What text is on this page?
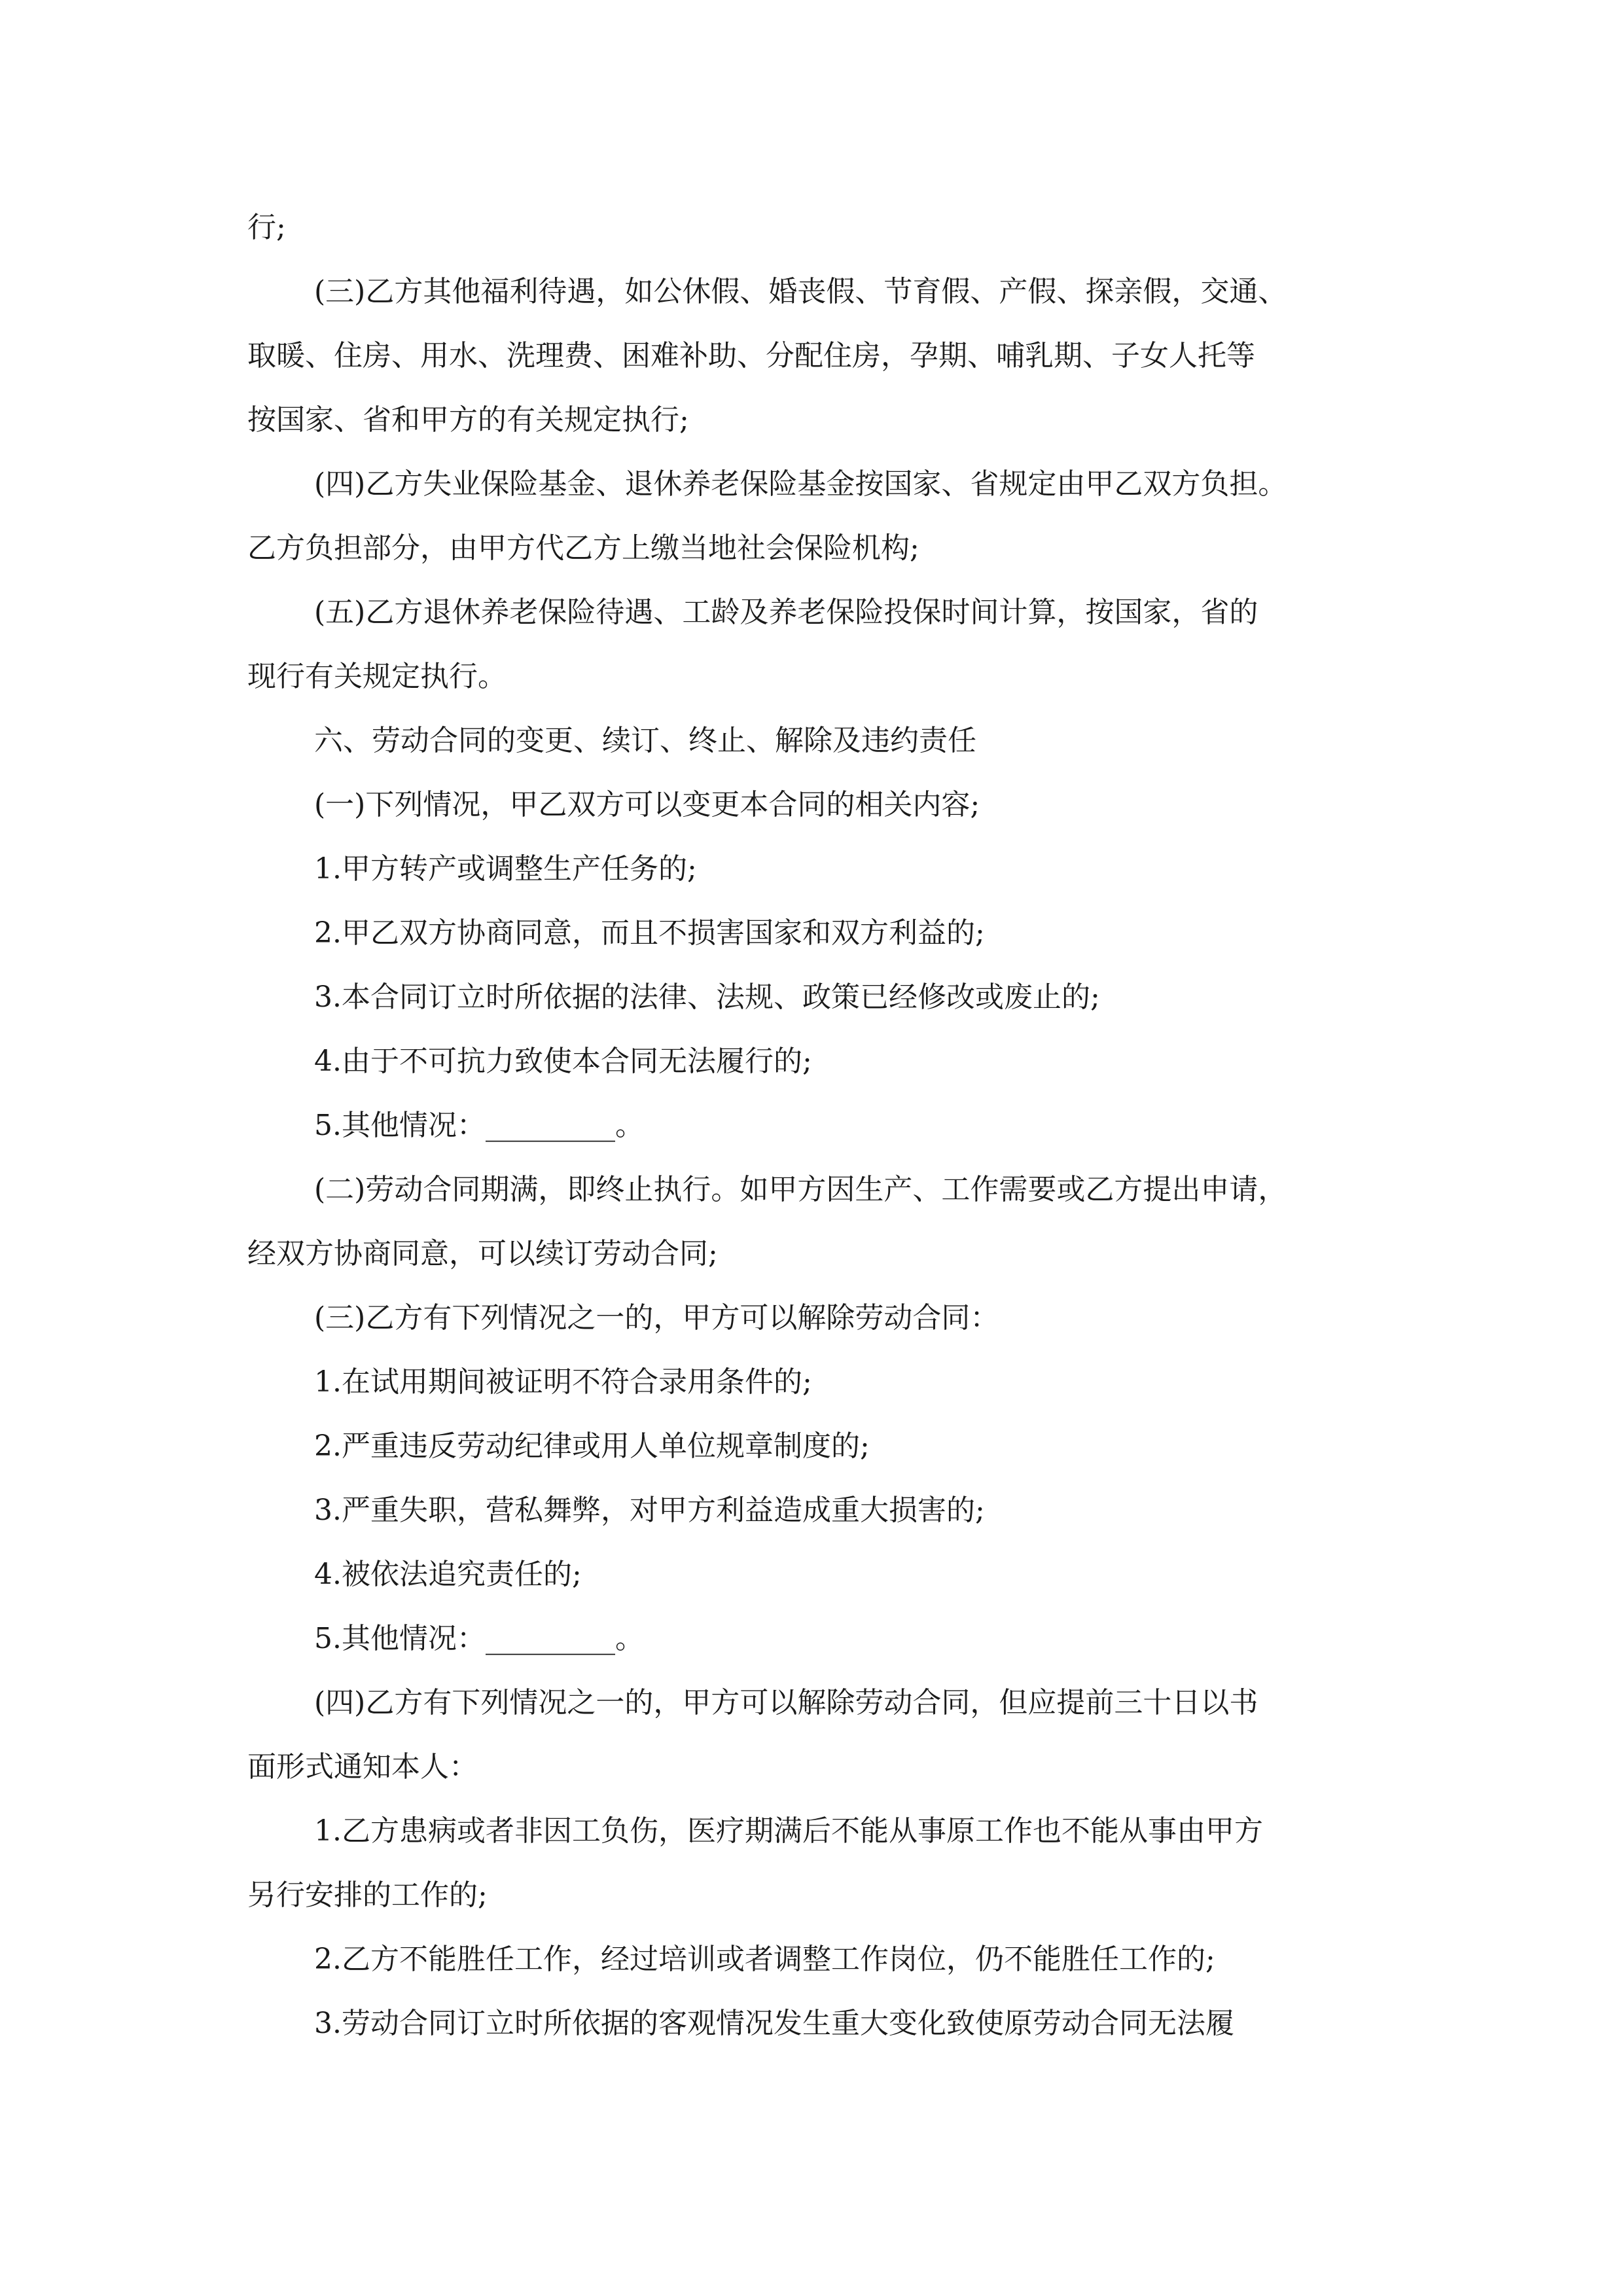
行;
(三)乙方其他福利待遇，如公休假、婚丧假、节育假、产假、探亲假，交通、
取暖、住房、用水、洗理费、困难补助、分配住房，孕期、哺乳期、子女人托等
按国家、省和甲方的有关规定执行;
(四)乙方失业保险基金、退休养老保险基金按国家、省规定由甲乙双方负担。
乙方负担部分，由甲方代乙方上缴当地社会保险机构;
(五)乙方退休养老保险待遇、工龄及养老保险投保时间计算，按国家，省的
现行有关规定执行。
六、劳动合同的变更、续订、终止、解除及违约责任
(一)下列情况，甲乙双方可以变更本合同的相关内容;
1.甲方转产或调整生产任务的;
2.甲乙双方协商同意，而且不损害国家和双方利益的;
3.本合同订立时所依据的法律、法规、政策已经修改或废止的;
4.由于不可抗力致使本合同无法履行的;
5.其他情况：_________。
(二)劳动合同期满，即终止执行。如甲方因生产、工作需要或乙方提出申请，
经双方协商同意，可以续订劳动合同;
(三)乙方有下列情况之一的，甲方可以解除劳动合同：
1.在试用期间被证明不符合录用条件的;
2.严重违反劳动纪律或用人单位规章制度的;
3.严重失职，营私舞弊，对甲方利益造成重大损害的;
4.被依法追究责任的;
5.其他情况：_________。
(四)乙方有下列情况之一的，甲方可以解除劳动合同，但应提前三十日以书
面形式通知本人：
1.乙方患病或者非因工负伤，医疗期满后不能从事原工作也不能从事由甲方
另行安排的工作的;
2.乙方不能胜任工作，经过培训或者调整工作岗位，仍不能胜任工作的;
3.劳动合同订立时所依据的客观情况发生重大变化致使原劳动合同无法履
